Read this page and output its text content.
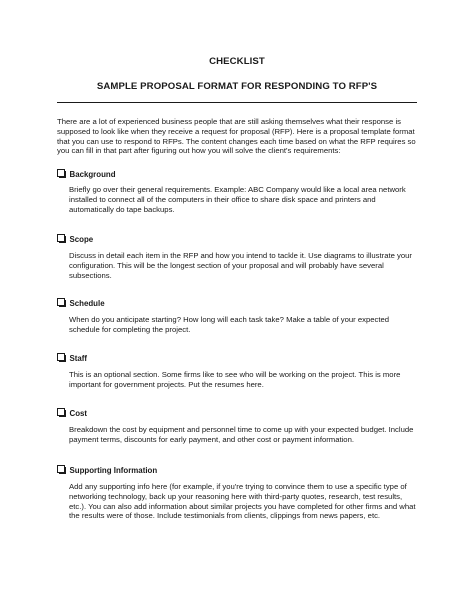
CHECKLIST
SAMPLE PROPOSAL FORMAT FOR RESPONDING TO RFP'S
There are a lot of experienced business people that are still asking themselves what their response is supposed to look like when they receive a request for proposal (RFP). Here is a proposal template format that you can use to respond to RFPs. The content changes each time based on what the RFP requires so you can fill in that part after figuring out how you will solve the client's requirements:
Background
Briefly go over their general requirements. Example: ABC Company would like a local area network installed to connect all of the computers in their office to share disk space and printers and automatically do tape backups.
Scope
Discuss in detail each item in the RFP and how you intend to tackle it. Use diagrams to illustrate your configuration. This will be the longest section of your proposal and will probably have several subsections.
Schedule
When do you anticipate starting? How long will each task take? Make a table of your expected schedule for completing the project.
Staff
This is an optional section. Some firms like to see who will be working on the project. This is more important for government projects. Put the resumes here.
Cost
Breakdown the cost by equipment and personnel time to come up with your expected budget. Include payment terms, discounts for early payment, and other cost or payment information.
Supporting Information
Add any supporting info here (for example, if you're trying to convince them to use a specific type of networking technology, back up your reasoning here with third-party quotes, research, test results, etc.). You can also add information about similar projects you have completed for other firms and what the results were of those. Include testimonials from clients, clippings from news papers, etc.
